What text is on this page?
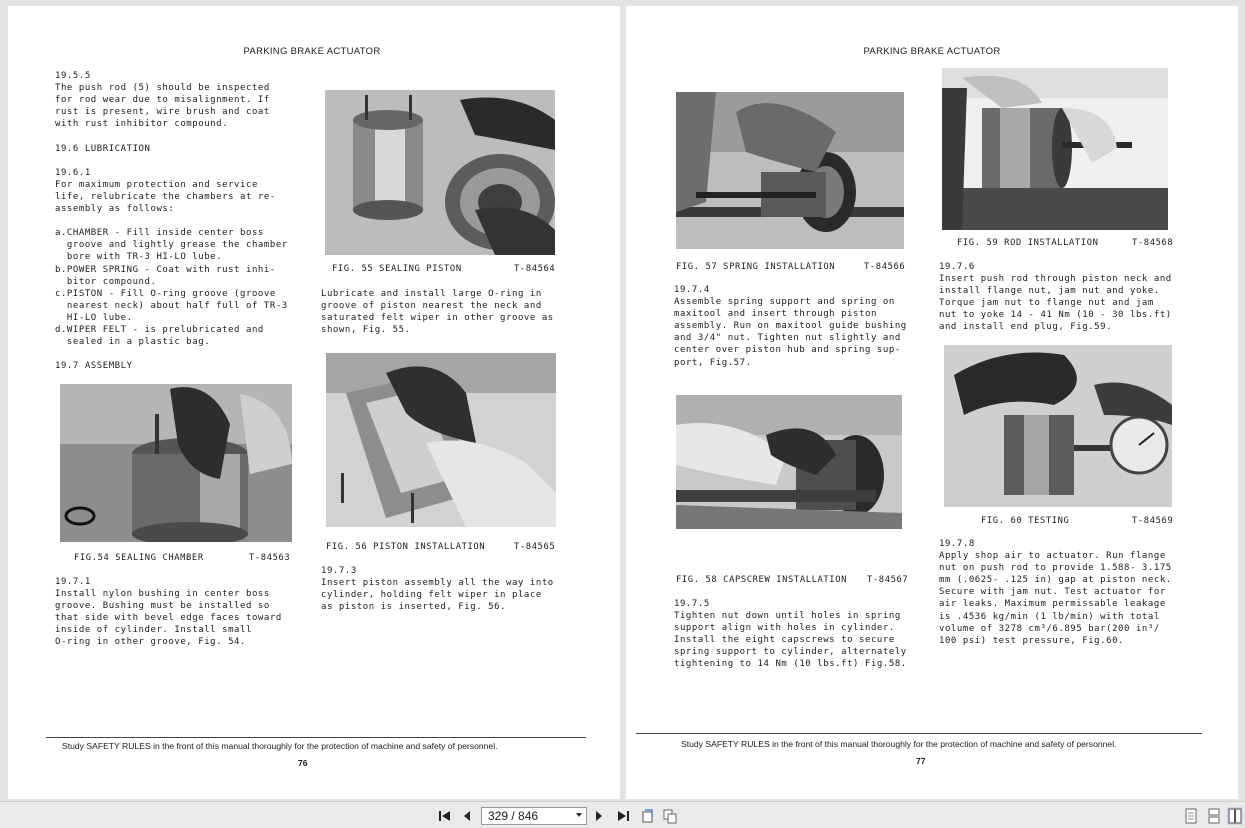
PARKING BRAKE ACTUATOR
19.5.5
The push rod (5) should be inspected
for rod wear due to misalignment. If
rust is present, wire brush and coat
with rust inhibitor compound.

19.6 LUBRICATION

19.6.1
For maximum protection and service
life, relubricate the chambers at re-
assembly as follows:

a.CHAMBER - Fill inside center boss
groove and lightly grease the chamber
bore with TR-3 HI-LO lube.
b.POWER SPRING - Coat with rust inhi-
bitor compound.
c.PISTON - Fill O-ring groove (groove
nearest neck) about half full of TR-3
HI-LO lube.
d.WIPER FELT - is prelubricated and
sealed in a plastic bag.

19.7 ASSEMBLY
FIG.54 SEALING CHAMBER	T-84563
19.7.1
Install nylon bushing in center boss
groove. Bushing must be installed so
that side with bevel edge faces toward
inside of cylinder. Install small
O-ring in other groove, Fig. 54.
FIG. 55 SEALING PISTON	T-84564
Lubricate and install large O-ring in
groove of piston nearest the neck and
saturated felt wiper in other groove as
shown, Fig. 55.
FIG. 56 PISTON INSTALLATION	T-84565
19.7.3
Insert piston assembly all the way into
cylinder, holding felt wiper in place
as piston is inserted, Fig. 56.
Study SAFETY RULES in the front of this manual thoroughly for the protection of machine and safety of personnel.
76
PARKING BRAKE ACTUATOR
FIG. 57 SPRING INSTALLATION	T-84566
19.7.4
Assemble spring support and spring on
maxitool and insert through piston
assembly. Run on maxitool guide bushing
and 3/4" nut. Tighten nut slightly and
center over piston hub and spring sup-
port, Fig.57.
FIG. 58 CAPSCREW INSTALLATION T-84567
19.7.5
Tighten nut down until holes in spring
support align with holes in cylinder.
Install the eight capscrews to secure
spring support to cylinder, alternately
tightening to 14 Nm (10 lbs.ft) Fig.58.
FIG. 59 ROD INSTALLATION	T-84568
19.7.6
Insert push rod through piston neck and
install flange nut, jam nut and yoke.
Torque jam nut to flange nut and jam
nut to yoke 14 - 41 Nm (10 - 30 lbs.ft)
and install end plug, Fig.59.
FIG. 60 TESTING	T-84569
19.7.8
Apply shop air to actuator. Run flange
nut on push rod to provide 1.588- 3.175
mm (.0625- .125 in) gap at piston neck.
Secure with jam nut. Test actuator for
air leaks. Maximum permissable leakage
is .4536 kg/min (1 lb/min) with total
volume of 3278 cm³/6.895 bar(200 in³/
100 psi) test pressure, Fig.60.
Study SAFETY RULES in the front of this manual thoroughly for the protection of machine and safety of personnel.
77
329 / 846
